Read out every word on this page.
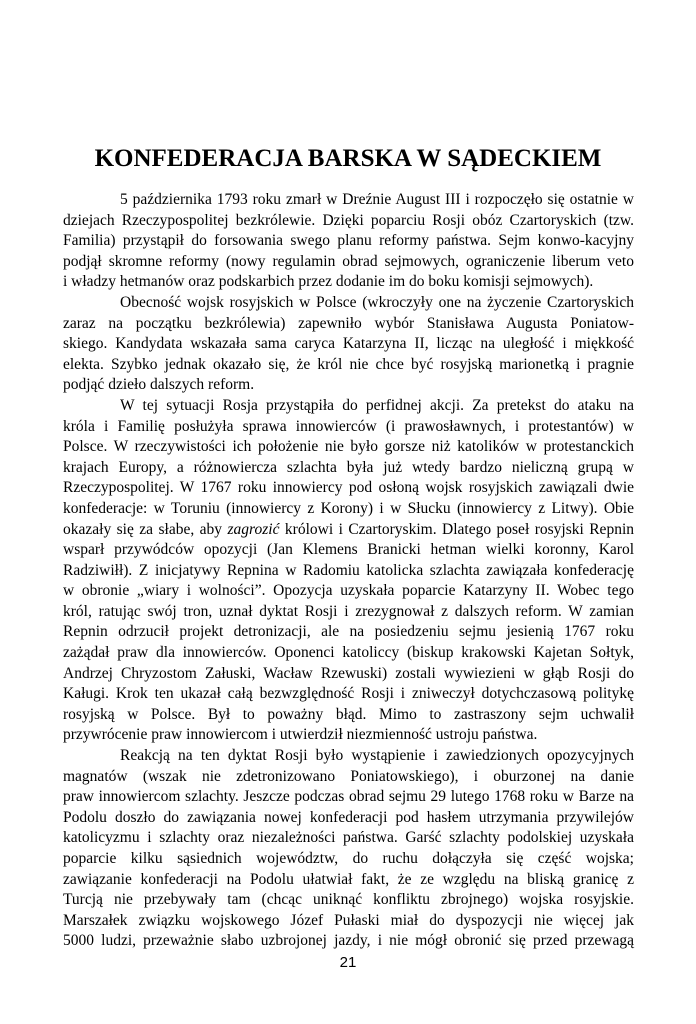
KONFEDERACJA BARSKA W SĄDECKIEM
5 października 1793 roku zmarł w Dreźnie August III i rozpoczęło się ostatnie w
dziejach Rzeczypospolitej bezkrólewie. Dzięki poparciu Rosji obóz Czartoryskich (tzw.
Familia) przystąpił do forsowania swego planu reformy państwa. Sejm konwo-kacyjny
podjął skromne reformy (nowy regulamin obrad sejmowych, ograniczenie liberum veto
i władzy hetmanów oraz podskarbich przez dodanie im do boku komisji sejmowych).
Obecność wojsk rosyjskich w Polsce (wkroczyły one na życzenie Czartoryskich
zaraz na początku bezkrólewia) zapewniło wybór Stanisława Augusta Poniatow-
skiego. Kandydata wskazała sama caryca Katarzyna II, licząc na uległość i miękkość
elekta. Szybko jednak okazało się, że król nie chce być rosyjską marionetką i pragnie
podjąć dzieło dalszych reform.
W tej sytuacji Rosja przystąpiła do perfidnej akcji. Za pretekst do ataku na
króla i Familię posłużyła sprawa innowierców (i prawosławnych, i protestantów) w
Polsce. W rzeczywistości ich położenie nie było gorsze niż katolików w protestanckich
krajach Europy, a różnowiercza szlachta była już wtedy bardzo nieliczną grupą w
Rzeczypospolitej. W 1767 roku innowiercy pod osłoną wojsk rosyjskich zawiązali dwie
konfederacje: w Toruniu (innowiercy z Korony) i w Słucku (innowiercy z Litwy). Obie
okazały się za słabe, aby zagrozić królowi i Czartoryskim. Dlatego poseł rosyjski Repnin
wsparł przywódców opozycji (Jan Klemens Branicki hetman wielki koronny, Karol
Radziwiłł). Z inicjatywy Repnina w Radomiu katolicka szlachta zawiązała konfederację
w obronie „wiary i wolności”. Opozycja uzyskała poparcie Katarzyny II. Wobec tego
król, ratując swój tron, uznał dyktat Rosji i zrezygnował z dalszych reform. W zamian
Repnin odrzucił projekt detronizacji, ale na posiedzeniu sejmu jesienią 1767 roku
zażądał praw dla innowierców. Oponenci katoliccy (biskup krakowski Kajetan Sołtyk,
Andrzej Chryzostom Załuski, Wacław Rzewuski) zostali wywiezieni w głąb Rosji do
Kaługi. Krok ten ukazał całą bezwzględność Rosji i zniweczył dotychczasową politykę
rosyjską w Polsce. Był to poważny błąd. Mimo to zastraszony sejm uchwalił
przywrócenie praw innowiercom i utwierdził niezmienność ustroju państwa.
Reakcją na ten dyktat Rosji było wystąpienie i zawiedzionych opozycyjnych
magnatów (wszak nie zdetronizowano Poniatowskiego), i oburzonej na danie
praw innowiercom szlachty. Jeszcze podczas obrad sejmu 29 lutego 1768 roku w Barze na
Podolu doszło do zawiązania nowej konfederacji pod hasłem utrzymania przywilejów
katolicyzmu i szlachty oraz niezależności państwa. Garść szlachty podolskiej uzyskała
poparcie kilku sąsiednich województw, do ruchu dołączyła się część wojska;
zawiązanie konfederacji na Podolu ułatwiał fakt, że ze względu na bliską granicę z
Turcją nie przebywały tam (chcąc uniknąć konfliktu zbrojnego) wojska rosyjskie.
Marszałek związku wojskowego Józef Pułaski miał do dyspozycji nie więcej jak
5000 ludzi, przeważnie słabo uzbrojonej jazdy, i nie mógł obronić się przed przewagą
21
